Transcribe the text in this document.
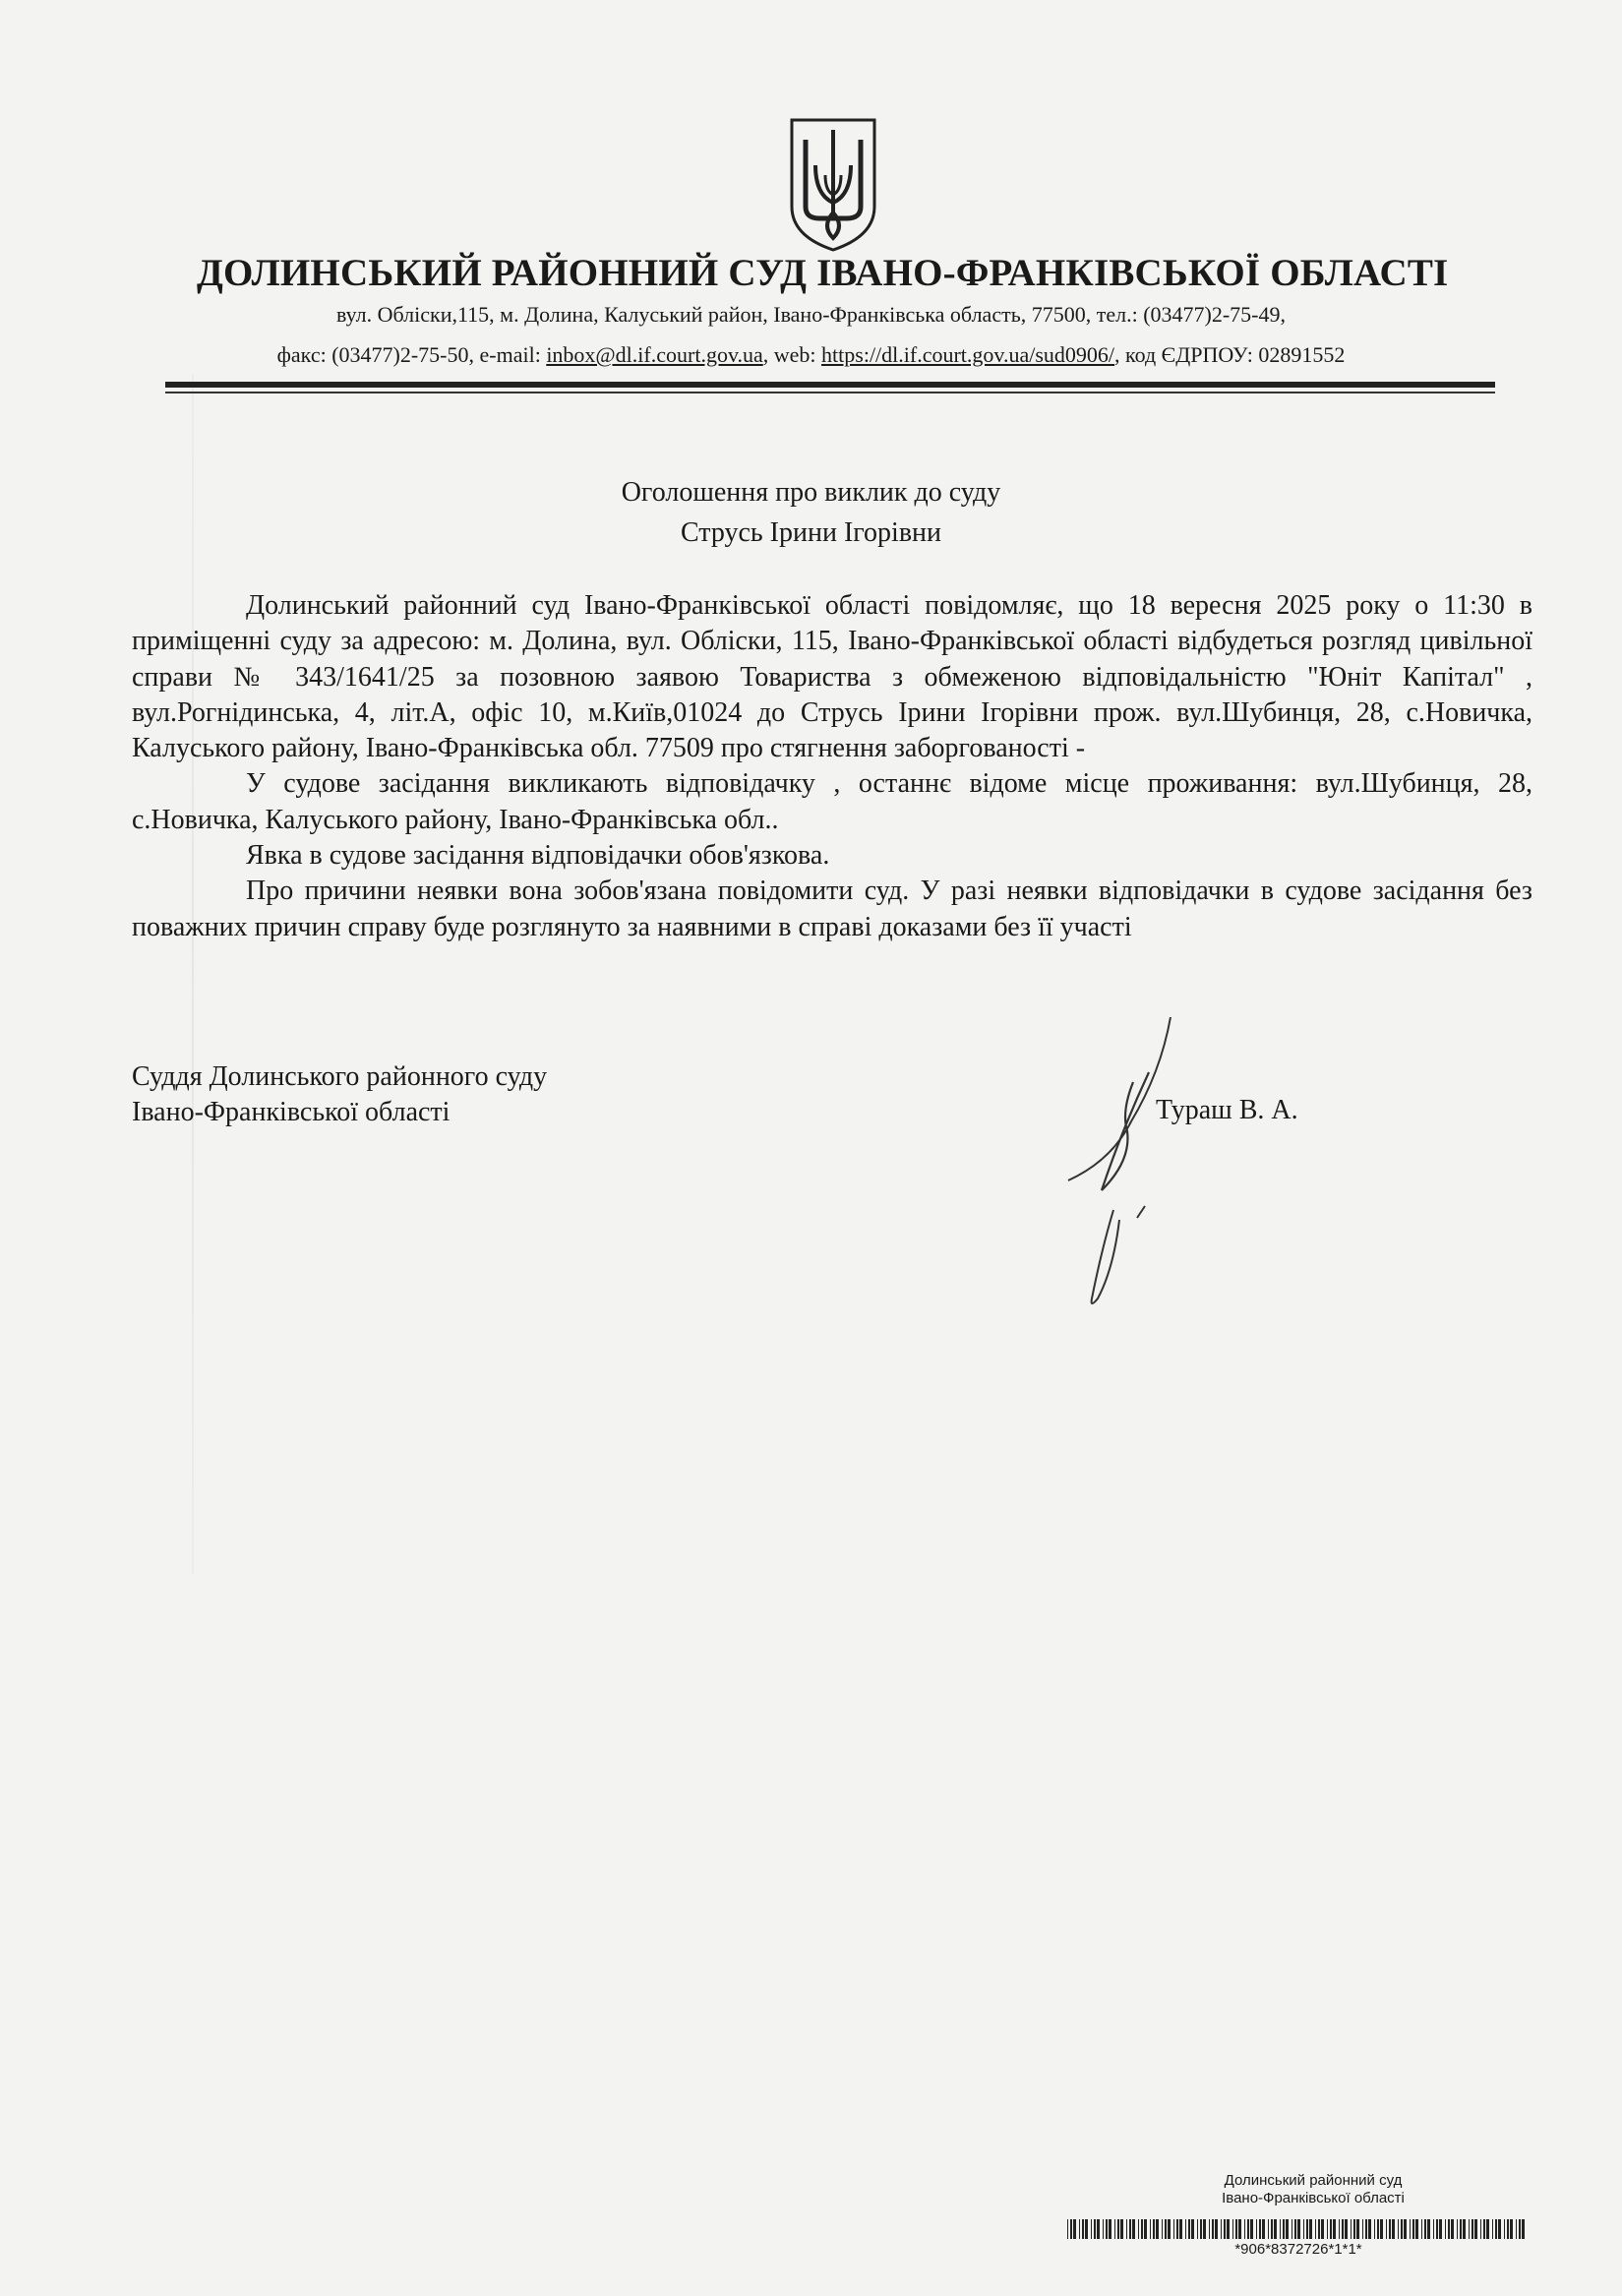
ДОЛИНСЬКИЙ РАЙОННИЙ СУД ІВАНО-ФРАНКІВСЬКОЇ ОБЛАСТІ
вул. Обліски,115, м. Долина, Калуський район, Івано-Франківська область, 77500, тел.: (03477)2-75-49,
факс: (03477)2-75-50, e-mail: inbox@dl.if.court.gov.ua, web: https://dl.if.court.gov.ua/sud0906/, код ЄДРПОУ: 02891552
Оголошення про виклик до суду
Струсь Ірини Ігорівни

Долинський районний суд Івано-Франківської області повідомляє, що 18 вересня 2025 року о 11:30 в приміщенні суду за адресою: м. Долина, вул. Обліски, 115, Івано-Франківської області відбудеться розгляд цивільної справи № 343/1641/25 за позовною заявою Товариства з обмеженою відповідальністю "Юніт Капітал" , вул.Рогнідинська, 4, літ.А, офіс 10, м.Київ,01024 до Струсь Ірини Ігорівни прож. вул.Шубинця, 28, с.Новичка, Калуського району, Івано-Франківська обл. 77509 про стягнення заборгованості -

У судове засідання викликають відповідачку , останнє відоме місце проживання: вул.Шубинця, 28, с.Новичка, Калуського району, Івано-Франківська обл..

Явка в судове засідання відповідачки обов'язкова.

Про причини неявки вона зобов'язана повідомити суд. У разі неявки відповідачки в судове засідання без поважних причин справу буде розглянуто за наявними в справі доказами без її участі

Суддя Долинського районного суду
Івано-Франківської області	Тураш В. А.
Долинський районний суд
Івано-Франківської області
*906*8372726*1*1*
